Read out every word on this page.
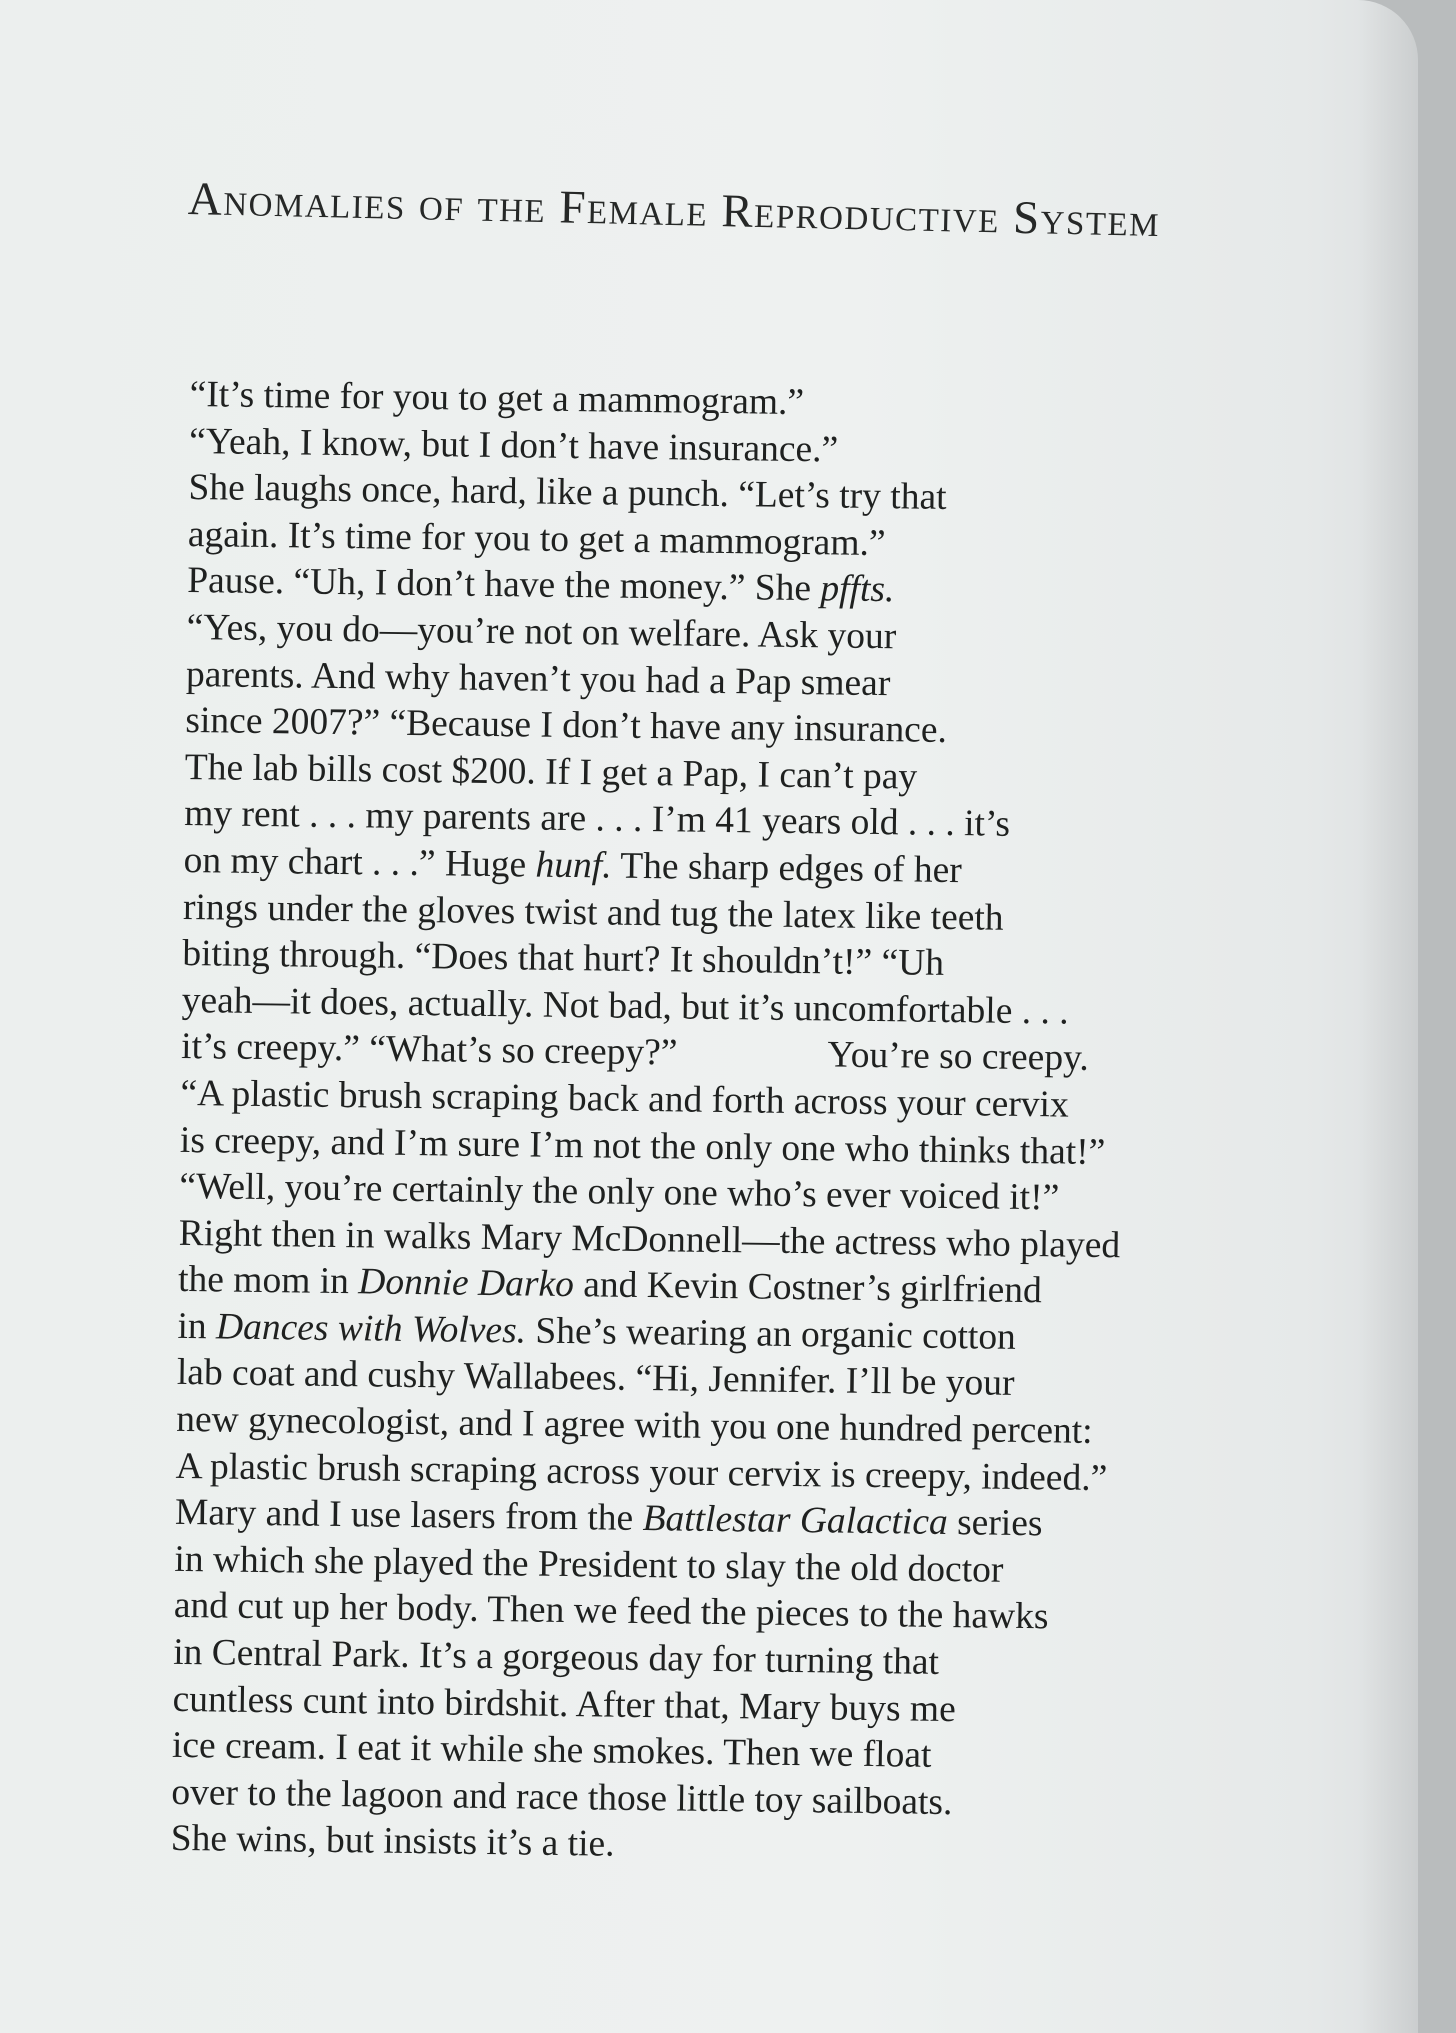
Anomalies of the Female Reproductive System
“It’s time for you to get a mammogram.”
“Yeah, I know, but I don’t have insurance.”
She laughs once, hard, like a punch. “Let’s try that
again. It’s time for you to get a mammogram.”
Pause. “Uh, I don’t have the money.” She pffts.
“Yes, you do—you’re not on welfare. Ask your
parents. And why haven’t you had a Pap smear
since 2007?” “Because I don’t have any insurance.
The lab bills cost $200. If I get a Pap, I can’t pay
my rent . . . my parents are . . . I’m 41 years old . . . it’s
on my chart . . .” Huge hunf. The sharp edges of her
rings under the gloves twist and tug the latex like teeth
biting through. “Does that hurt? It shouldn’t!” “Uh
yeah—it does, actually. Not bad, but it’s uncomfortable . . .
it’s creepy.” “What’s so creepy?”	You’re so creepy.
“A plastic brush scraping back and forth across your cervix
is creepy, and I’m sure I’m not the only one who thinks that!”
“Well, you’re certainly the only one who’s ever voiced it!”
Right then in walks Mary McDonnell—the actress who played
the mom in Donnie Darko and Kevin Costner’s girlfriend
in Dances with Wolves. She’s wearing an organic cotton
lab coat and cushy Wallabees. “Hi, Jennifer. I’ll be your
new gynecologist, and I agree with you one hundred percent:
A plastic brush scraping across your cervix is creepy, indeed.”
Mary and I use lasers from the Battlestar Galactica series
in which she played the President to slay the old doctor
and cut up her body. Then we feed the pieces to the hawks
in Central Park. It’s a gorgeous day for turning that
cuntless cunt into birdshit. After that, Mary buys me
ice cream. I eat it while she smokes. Then we float
over to the lagoon and race those little toy sailboats.
She wins, but insists it’s a tie.
